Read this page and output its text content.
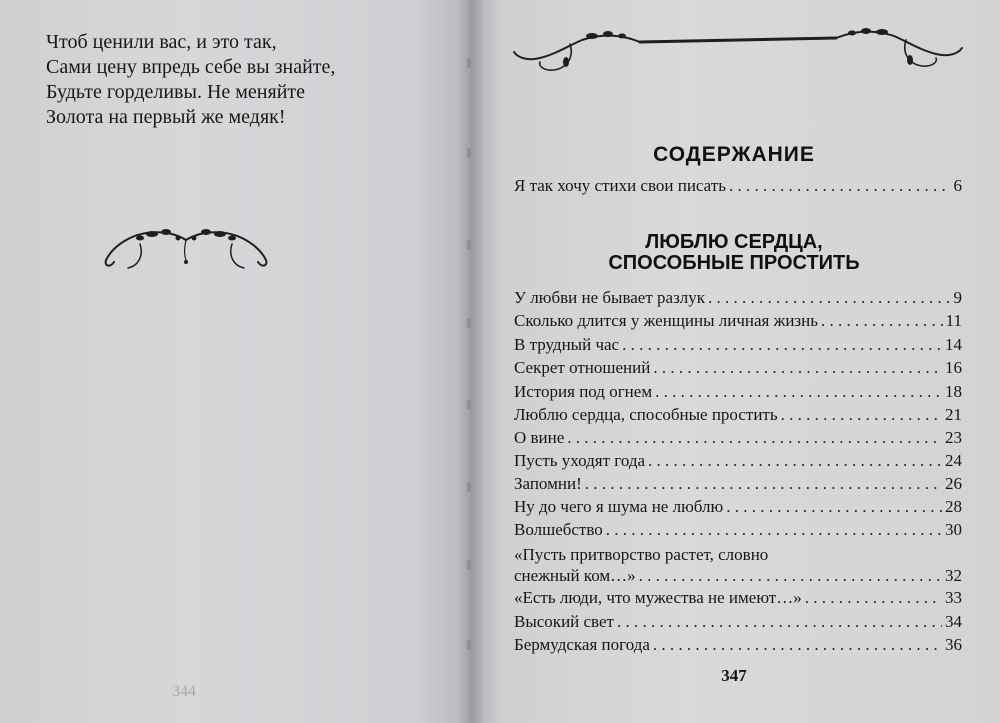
Чтоб ценили вас, и это так,
Сами цену впредь себе вы знайте,
Будьте горделивы. Не меняйте
Золота на первый же медяк!
СОДЕРЖАНИЕ
Я так хочу стихи свои писать . . .	6
ЛЮБЛЮ СЕРДЦА,
СПОСОБНЫЕ ПРОСТИТЬ
У любви не бывает разлук . . .	9
Сколько длится у женщины личная жизнь . . .	11
В трудный час . . .	14
Секрет отношений . . .	16
История под огнем . . .	18
Люблю сердца, способные простить . . .	21
О вине . . .	23
Пусть уходят года . . .	24
Запомни! . . .	26
Ну до чего я шума не люблю . . .	28
Волшебство . . .	30
«Пусть притворство растет, словно
снежный ком…» . . .	32
«Есть люди, что мужества не имеют…» . . .	33
Высокий свет . . .	34
Бермудская погода . . .	36
347
344
